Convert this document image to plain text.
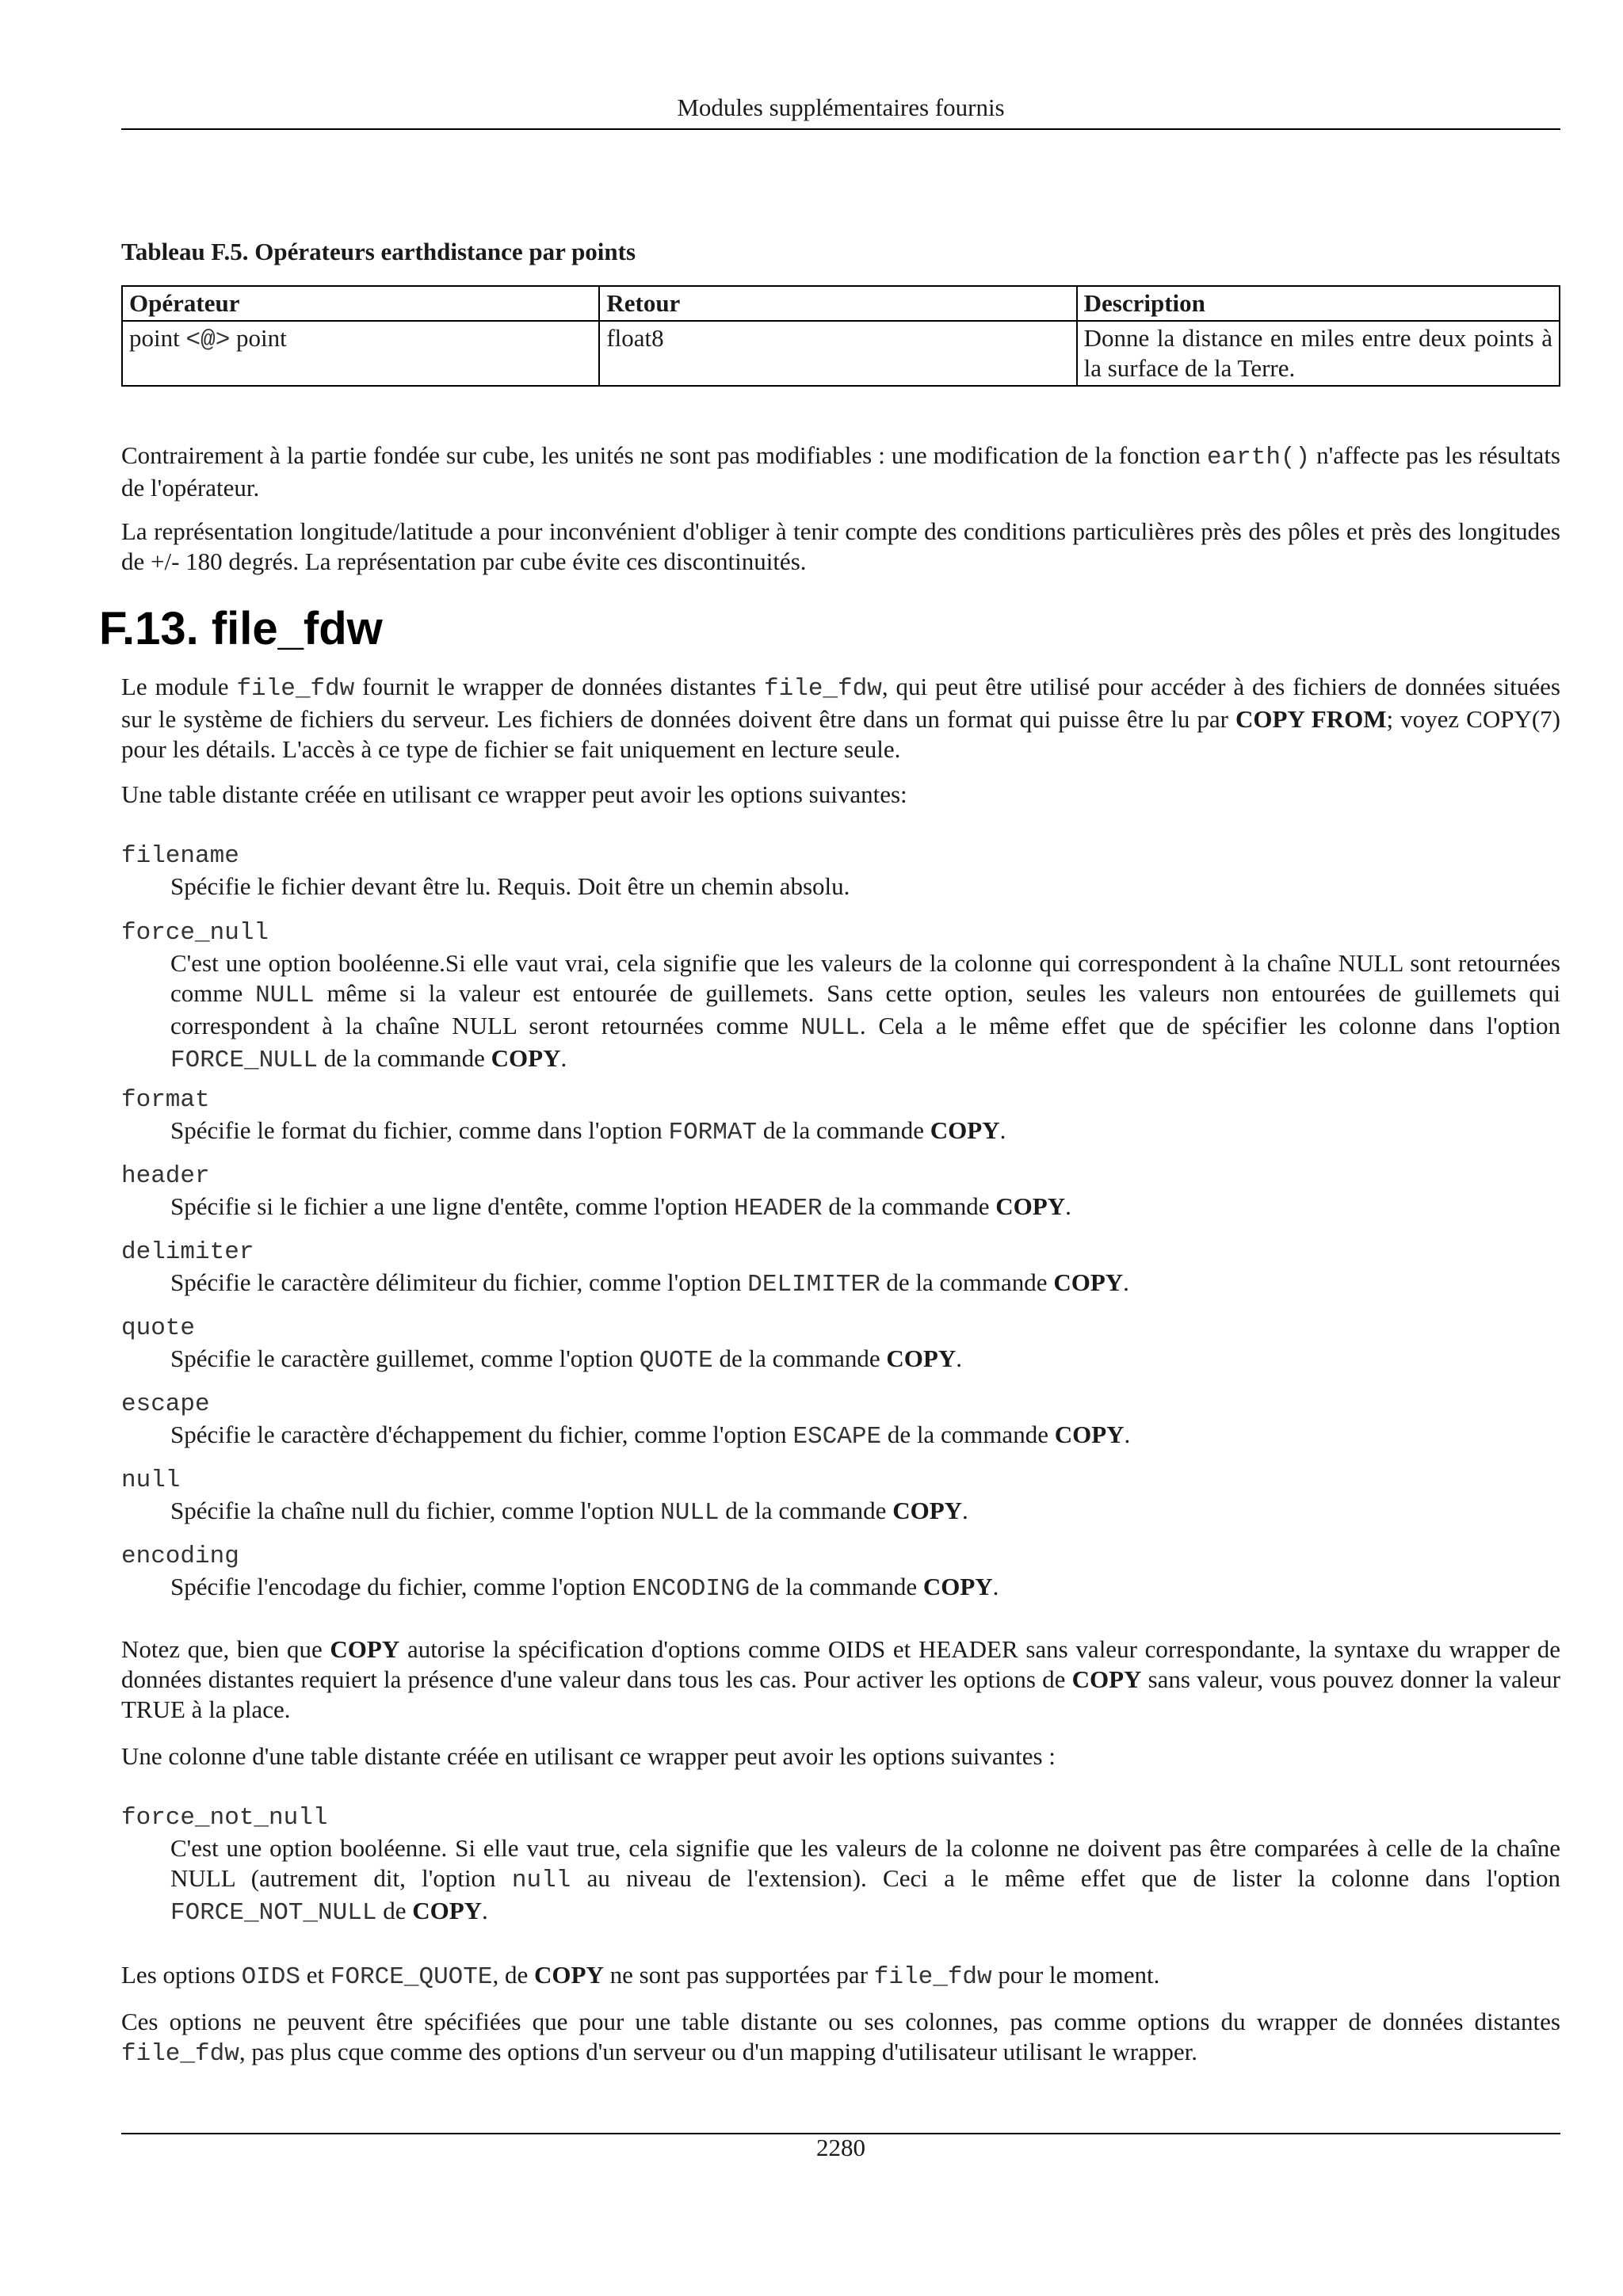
Modules supplémentaires fournis
Tableau F.5. Opérateurs earthdistance par points
Opérateur	Retour	Description
point <@> point	float8	Donne la distance en miles entre deux points à la surface de la Terre.
Contrairement à la partie fondée sur cube, les unités ne sont pas modifiables : une modification de la fonction earth() n'affecte pas les résultats de l'opérateur.
La représentation longitude/latitude a pour inconvénient d'obliger à tenir compte des conditions particulières près des pôles et près des longitudes de +/- 180 degrés. La représentation par cube évite ces discontinuités.
F.13. file_fdw
Le module file_fdw fournit le wrapper de données distantes file_fdw, qui peut être utilisé pour accéder à des fichiers de données situées sur le système de fichiers du serveur. Les fichiers de données doivent être dans un format qui puisse être lu par COPY FROM; voyez COPY(7) pour les détails. L'accès à ce type de fichier se fait uniquement en lecture seule.
Une table distante créée en utilisant ce wrapper peut avoir les options suivantes:
filename
Spécifie le fichier devant être lu. Requis. Doit être un chemin absolu.
force_null
C'est une option booléenne.Si elle vaut vrai, cela signifie que les valeurs de la colonne qui correspondent à la chaîne NULL sont retournées comme NULL même si la valeur est entourée de guillemets. Sans cette option, seules les valeurs non entourées de guillemets qui correspondent à la chaîne NULL seront retournées comme NULL. Cela a le même effet que de spécifier les colonne dans l'option FORCE_NULL de la commande COPY.
format
Spécifie le format du fichier, comme dans l'option FORMAT de la commande COPY.
header
Spécifie si le fichier a une ligne d'entête, comme l'option HEADER de la commande COPY.
delimiter
Spécifie le caractère délimiteur du fichier, comme l'option DELIMITER de la commande COPY.
quote
Spécifie le caractère guillemet, comme l'option QUOTE de la commande COPY.
escape
Spécifie le caractère d'échappement du fichier, comme l'option ESCAPE de la commande COPY.
null
Spécifie la chaîne null du fichier, comme l'option NULL de la commande COPY.
encoding
Spécifie l'encodage du fichier, comme l'option ENCODING de la commande COPY.
Notez que, bien que COPY autorise la spécification d'options comme OIDS et HEADER sans valeur correspondante, la syntaxe du wrapper de données distantes requiert la présence d'une valeur dans tous les cas. Pour activer les options de COPY sans valeur, vous pouvez donner la valeur TRUE à la place.
Une colonne d'une table distante créée en utilisant ce wrapper peut avoir les options suivantes :
force_not_null
C'est une option booléenne. Si elle vaut true, cela signifie que les valeurs de la colonne ne doivent pas être comparées à celle de la chaîne NULL (autrement dit, l'option null au niveau de l'extension). Ceci a le même effet que de lister la colonne dans l'option FORCE_NOT_NULL de COPY.
Les options OIDS et FORCE_QUOTE, de COPY ne sont pas supportées par file_fdw pour le moment.
Ces options ne peuvent être spécifiées que pour une table distante ou ses colonnes, pas comme options du wrapper de données distantes file_fdw, pas plus cque comme des options d'un serveur ou d'un mapping d'utilisateur utilisant le wrapper.
2280
